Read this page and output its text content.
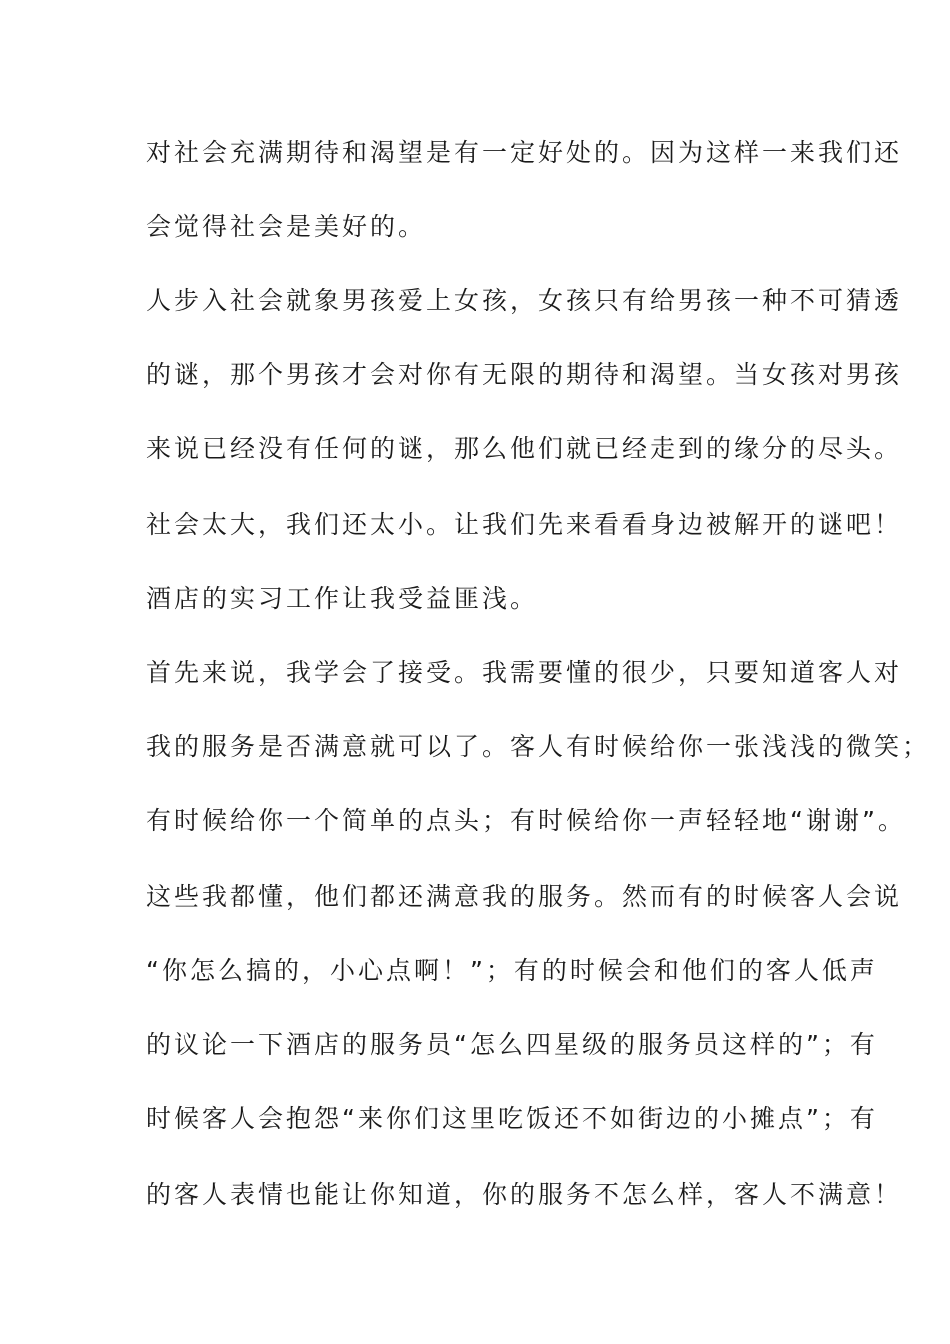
对社会充满期待和渴望是有一定好处的。因为这样一来我们还

会觉得社会是美好的。

人步入社会就象男孩爱上女孩，女孩只有给男孩一种不可猜透

的谜，那个男孩才会对你有无限的期待和渴望。当女孩对男孩

来说已经没有任何的谜，那么他们就已经走到的缘分的尽头。

社会太大，我们还太小。让我们先来看看身边被解开的谜吧！

酒店的实习工作让我受益匪浅。

首先来说，我学会了接受。我需要懂的很少，只要知道客人对

我的服务是否满意就可以了。客人有时候给你一张浅浅的微笑；

有时候给你一个简单的点头；有时候给你一声轻轻地“谢谢”。

这些我都懂，他们都还满意我的服务。然而有的时候客人会说

“你怎么搞的，小心点啊！”；有的时候会和他们的客人低声

的议论一下酒店的服务员“怎么四星级的服务员这样的”；有

时候客人会抱怨“来你们这里吃饭还不如街边的小摊点”；有

的客人表情也能让你知道，你的服务不怎么样，客人不满意！
